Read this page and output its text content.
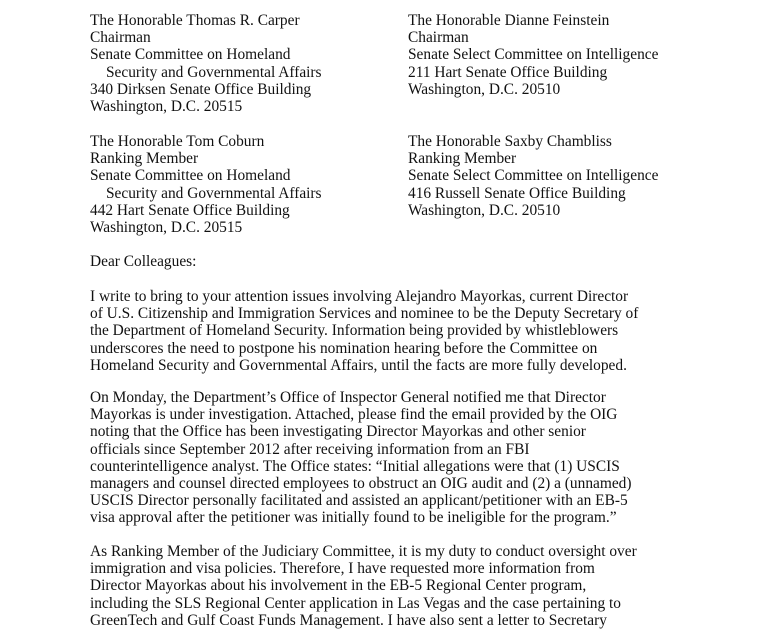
The Honorable Thomas R. Carper
Chairman
Senate Committee on Homeland
Security and Governmental Affairs
340 Dirksen Senate Office Building
Washington, D.C. 20515
The Honorable Dianne Feinstein
Chairman
Senate Select Committee on Intelligence
211 Hart Senate Office Building
Washington, D.C. 20510
The Honorable Tom Coburn
Ranking Member
Senate Committee on Homeland
Security and Governmental Affairs
442 Hart Senate Office Building
Washington, D.C. 20515
The Honorable Saxby Chambliss
Ranking Member
Senate Select Committee on Intelligence
416 Russell Senate Office Building
Washington, D.C. 20510
Dear Colleagues:

I write to bring to your attention issues involving Alejandro Mayorkas, current Director
of U.S. Citizenship and Immigration Services and nominee to be the Deputy Secretary of
the Department of Homeland Security. Information being provided by whistleblowers
underscores the need to postpone his nomination hearing before the Committee on
Homeland Security and Governmental Affairs, until the facts are more fully developed.

On Monday, the Department’s Office of Inspector General notified me that Director
Mayorkas is under investigation. Attached, please find the email provided by the OIG
noting that the Office has been investigating Director Mayorkas and other senior
officials since September 2012 after receiving information from an FBI
counterintelligence analyst. The Office states: “Initial allegations were that (1) USCIS
managers and counsel directed employees to obstruct an OIG audit and (2) a (unnamed)
USCIS Director personally facilitated and assisted an applicant/petitioner with an EB-5
visa approval after the petitioner was initially found to be ineligible for the program.”

As Ranking Member of the Judiciary Committee, it is my duty to conduct oversight over
immigration and visa policies. Therefore, I have requested more information from
Director Mayorkas about his involvement in the EB-5 Regional Center program,
including the SLS Regional Center application in Las Vegas and the case pertaining to
GreenTech and Gulf Coast Funds Management. I have also sent a letter to Secretary
